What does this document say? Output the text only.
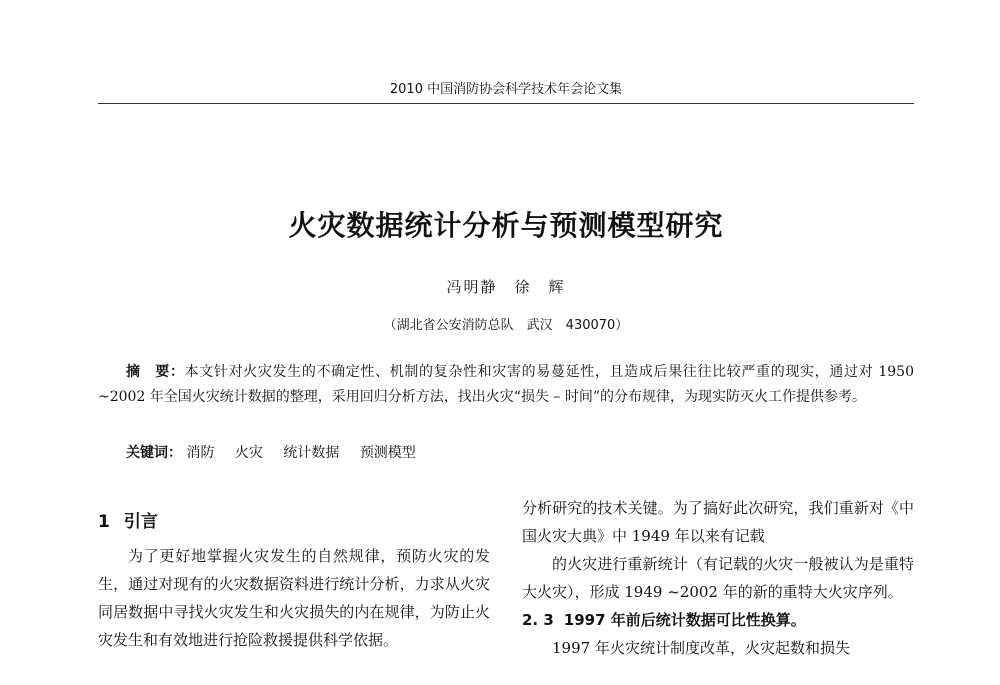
2010 中国消防协会科学技术年会论文集
火灾数据统计分析与预测模型研究
冯明静　徐　辉
（湖北省公安消防总队　武汉　430070）
摘　要：本文针对火灾发生的不确定性、机制的复杂性和灾害的易蔓延性，且造成后果往往比较严重的现实，通过对 1950 ~2002 年全国火灾统计数据的整理，采用回归分析方法，找出火灾“损失 – 时间”的分布规律，为现实防灭火工作提供参考。
关键词： 消防 火灾 统计数据 预测模型
1 引言

为了更好地掌握火灾发生的自然规律，预防火灾的发生，通过对现有的火灾数据资料进行统计分析，力求从火灾同居数据中寻找火灾发生和火灾损失的内在规律，为防止火灾发生和有效地进行抢险救援提供科学依据。

分析研究的技术关键。为了搞好此次研究，我们重新对《中国火灾大典》中 1949 年以来有记载

的火灾进行重新统计（有记载的火灾一般被认为是重特大火灾），形成 1949 ~2002 年的新的重特大火灾序列。

2. 3 1997 年前后统计数据可比性换算。

1997 年火灾统计制度改革，火灾起数和损失
